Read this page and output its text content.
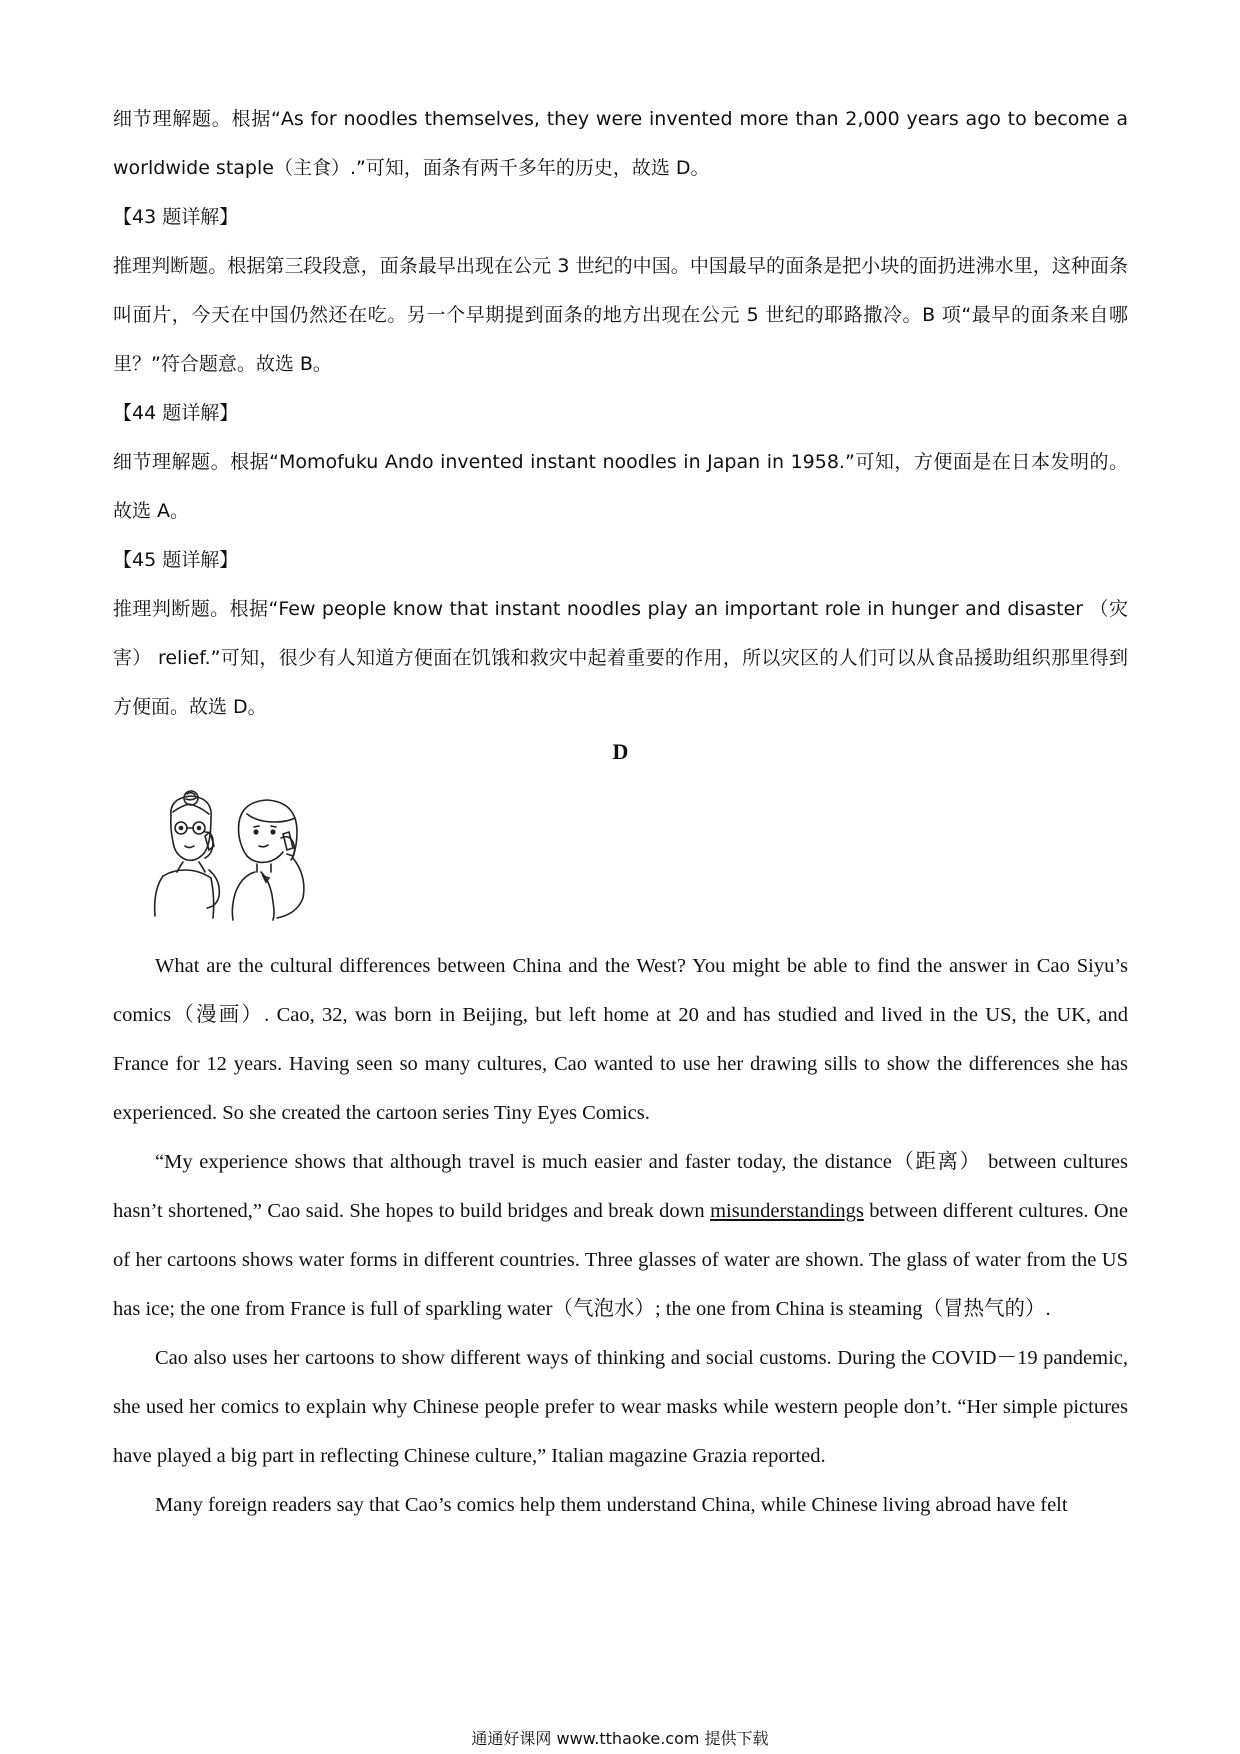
细节理解题。根据“As for noodles themselves, they were invented more than 2,000 years ago to become a worldwide staple（主食）.”可知，面条有两千多年的历史，故选 D。

【43 题详解】

推理判断题。根据第三段段意，面条最早出现在公元 3 世纪的中国。中国最早的面条是把小块的面扔进沸水里，这种面条叫面片，今天在中国仍然还在吃。另一个早期提到面条的地方出现在公元 5 世纪的耶路撒冷。B 项“最早的面条来自哪里？”符合题意。故选 B。

【44 题详解】

细节理解题。根据“Momofuku Ando invented instant noodles in Japan in 1958.”可知，方便面是在日本发明的。故选 A。

【45 题详解】

推理判断题。根据“Few people know that instant noodles play an important role in hunger and disaster （灾害） relief.”可知，很少有人知道方便面在饥饿和救灾中起着重要的作用，所以灾区的人们可以从食品援助组织那里得到方便面。故选 D。

D

What are the cultural differences between China and the West? You might be able to find the answer in Cao Siyu’s comics（漫画）. Cao, 32, was born in Beijing, but left home at 20 and has studied and lived in the US, the UK, and France for 12 years. Having seen so many cultures, Cao wanted to use her drawing sills to show the differences she has experienced. So she created the cartoon series Tiny Eyes Comics.

“My experience shows that although travel is much easier and faster today, the distance（距离） between cultures hasn’t shortened,” Cao said. She hopes to build bridges and break down misunderstandings between different cultures. One of her cartoons shows water forms in different countries. Three glasses of water are shown. The glass of water from the US has ice; the one from France is full of sparkling water（气泡水）; the one from China is steaming（冒热气的）.

Cao also uses her cartoons to show different ways of thinking and social customs. During the COVID－19 pandemic, she used her comics to explain why Chinese people prefer to wear masks while western people don’t. “Her simple pictures have played a big part in reflecting Chinese culture,” Italian magazine Grazia reported.

Many foreign readers say that Cao’s comics help them understand China, while Chinese living abroad have felt

通通好课网 www.tthaoke.com 提供下载
